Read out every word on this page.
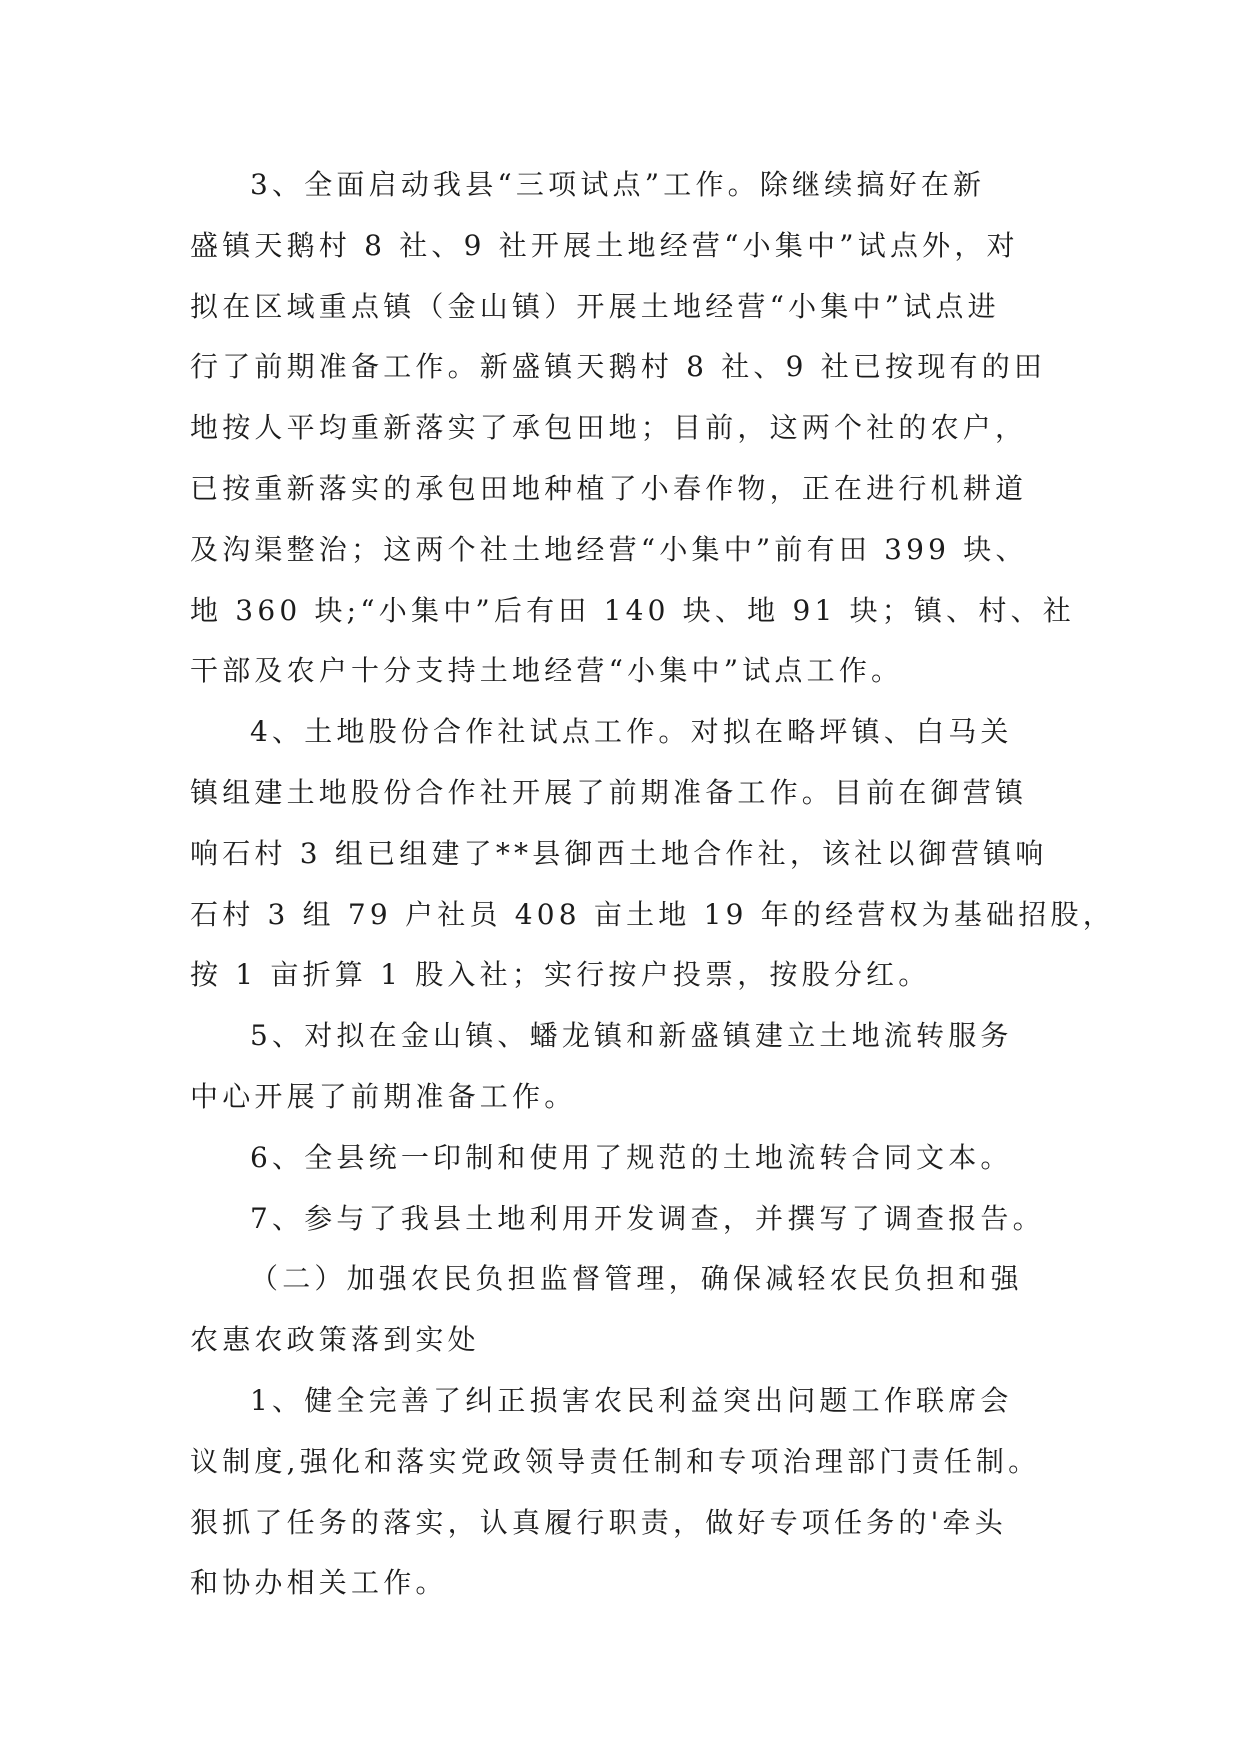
3、全面启动我县“三项试点”工作。除继续搞好在新
盛镇天鹅村 8 社、9 社开展土地经营“小集中”试点外，对
拟在区域重点镇（金山镇）开展土地经营“小集中”试点进
行了前期准备工作。新盛镇天鹅村 8 社、9 社已按现有的田
地按人平均重新落实了承包田地；目前，这两个社的农户，
已按重新落实的承包田地种植了小春作物，正在进行机耕道
及沟渠整治；这两个社土地经营“小集中”前有田 399 块、
地 360 块;“小集中”后有田 140 块、地 91 块；镇、村、社
干部及农户十分支持土地经营“小集中”试点工作。
4、土地股份合作社试点工作。对拟在略坪镇、白马关
镇组建土地股份合作社开展了前期准备工作。目前在御营镇
响石村 3 组已组建了**县御西土地合作社，该社以御营镇响
石村 3 组 79 户社员 408 亩土地 19 年的经营权为基础招股，
按 1 亩折算 1 股入社；实行按户投票，按股分红。
5、对拟在金山镇、蟠龙镇和新盛镇建立土地流转服务
中心开展了前期准备工作。
6、全县统一印制和使用了规范的土地流转合同文本。
7、参与了我县土地利用开发调查，并撰写了调查报告。
（二）加强农民负担监督管理，确保减轻农民负担和强
农惠农政策落到实处
1、健全完善了纠正损害农民利益突出问题工作联席会
议制度,强化和落实党政领导责任制和专项治理部门责任制。
狠抓了任务的落实，认真履行职责，做好专项任务的'牵头
和协办相关工作。
